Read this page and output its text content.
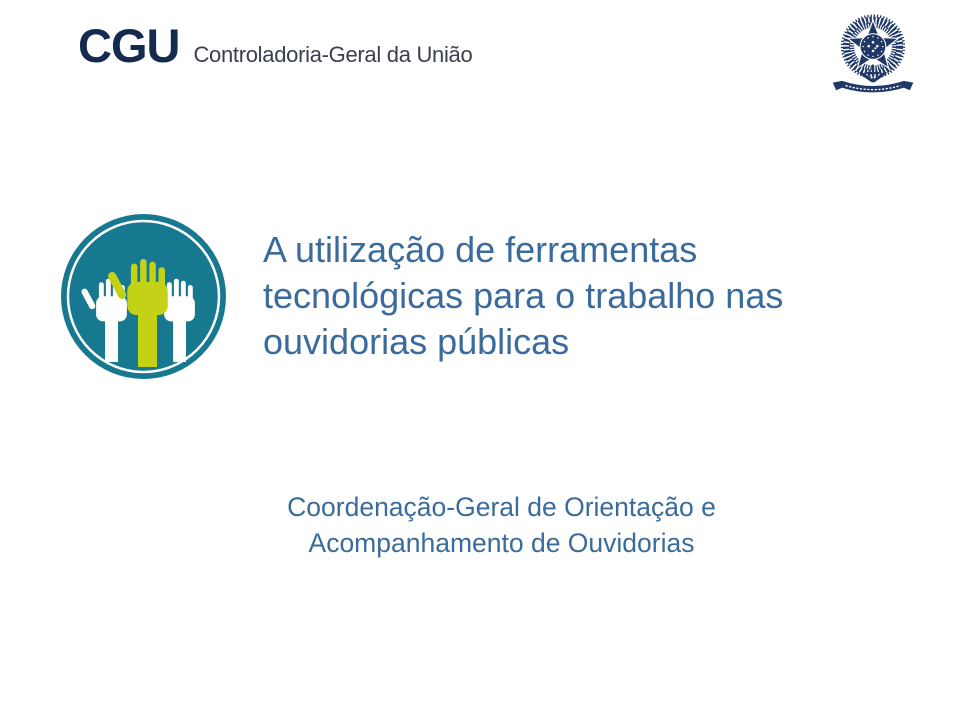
CGU Controladoria-Geral da União
A utilização de ferramentas
tecnológicas para o trabalho nas
ouvidorias públicas
Coordenação-Geral de Orientação e
Acompanhamento de Ouvidorias
